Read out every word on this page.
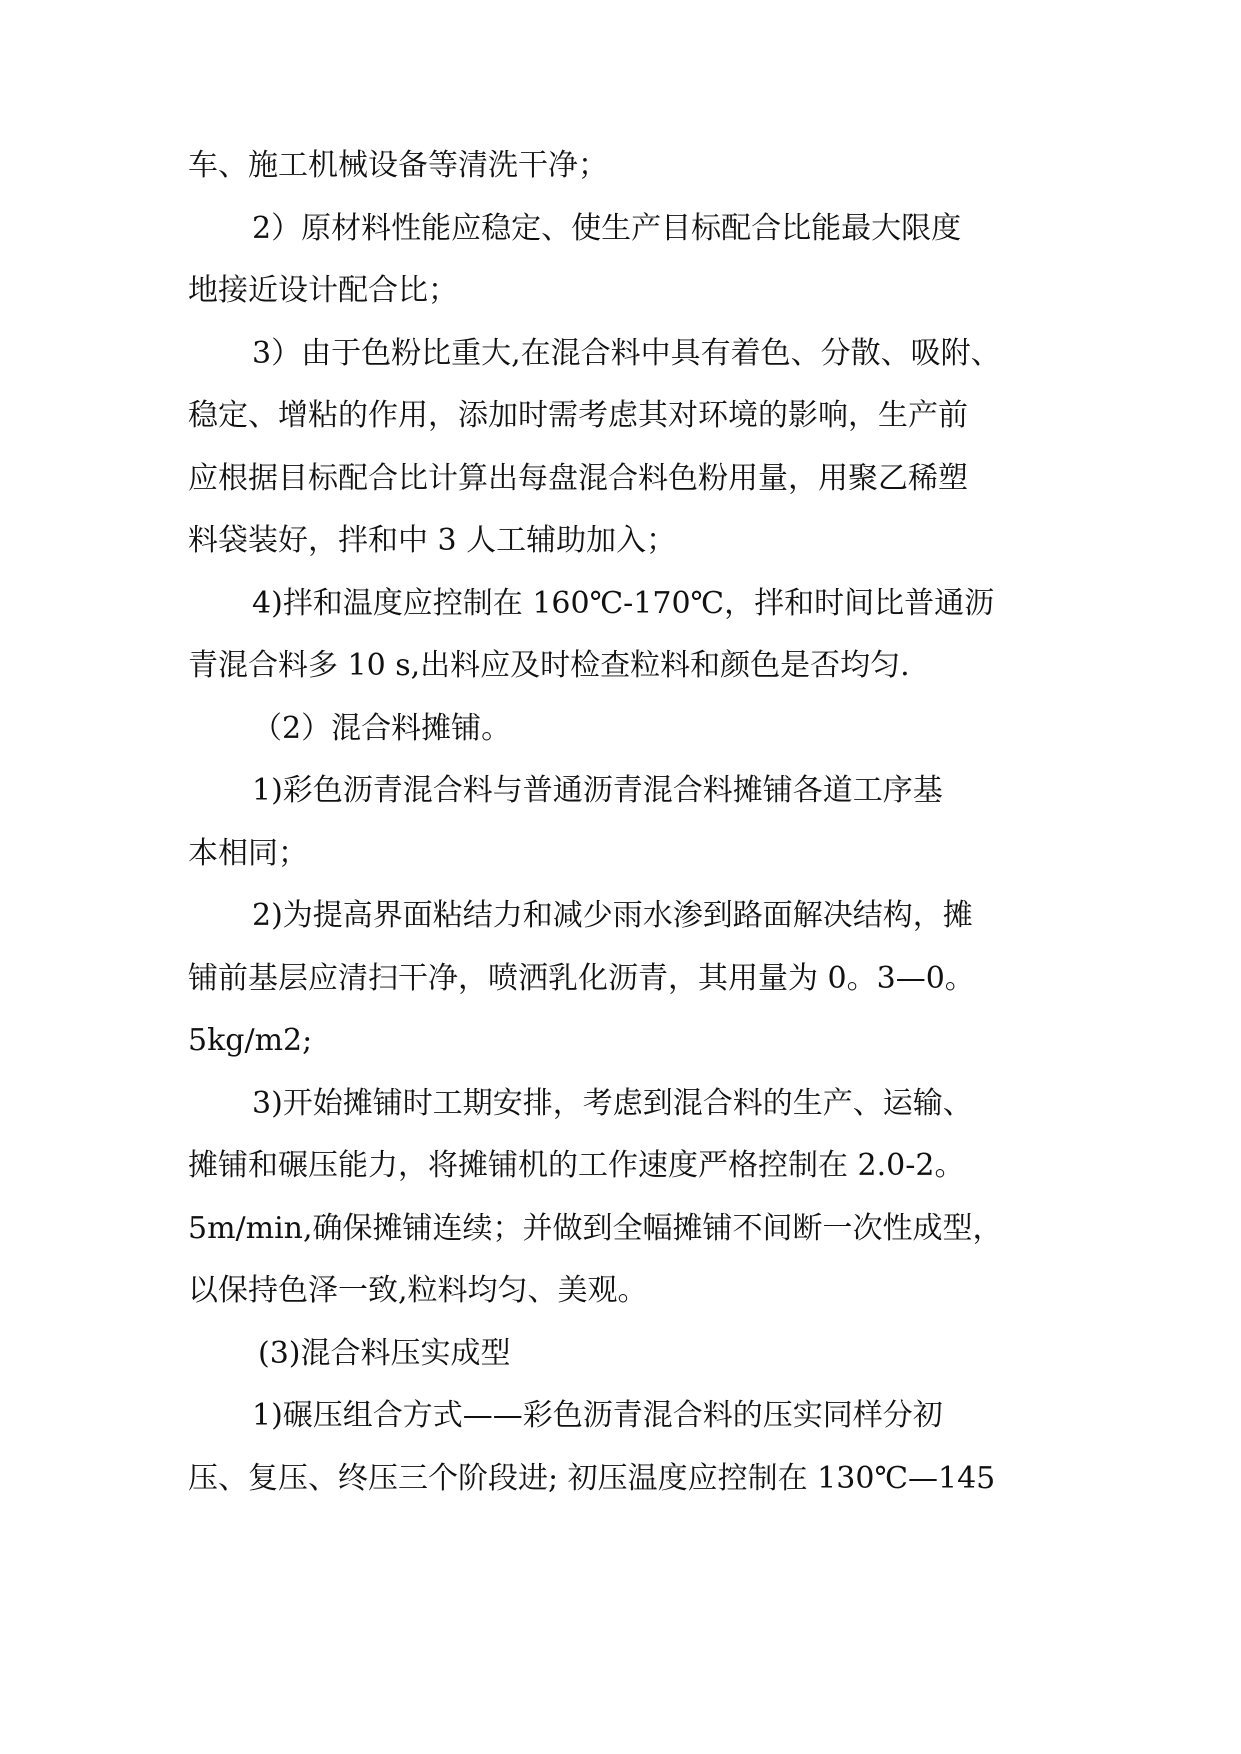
车、施工机械设备等清洗干净；
2）原材料性能应稳定、使生产目标配合比能最大限度
地接近设计配合比；
3）由于色粉比重大,在混合料中具有着色、分散、吸附、
稳定、增粘的作用，添加时需考虑其对环境的影响，生产前
应根据目标配合比计算出每盘混合料色粉用量，用聚乙稀塑
料袋装好，拌和中 3 人工辅助加入；
4)拌和温度应控制在 160℃-170℃，拌和时间比普通沥
青混合料多 10 s,出料应及时检查粒料和颜色是否均匀.
（2）混合料摊铺。
1)彩色沥青混合料与普通沥青混合料摊铺各道工序基
本相同；
2)为提高界面粘结力和减少雨水渗到路面解决结构，摊
铺前基层应清扫干净，喷洒乳化沥青，其用量为 0。3—0。
5kg/m2;
3)开始摊铺时工期安排，考虑到混合料的生产、运输、
摊铺和碾压能力，将摊铺机的工作速度严格控制在 2.0-2。
5m/min,确保摊铺连续；并做到全幅摊铺不间断一次性成型，
以保持色泽一致,粒料均匀、美观。
(3)混合料压实成型
1)碾压组合方式——彩色沥青混合料的压实同样分初
压、复压、终压三个阶段进; 初压温度应控制在 130℃—145
